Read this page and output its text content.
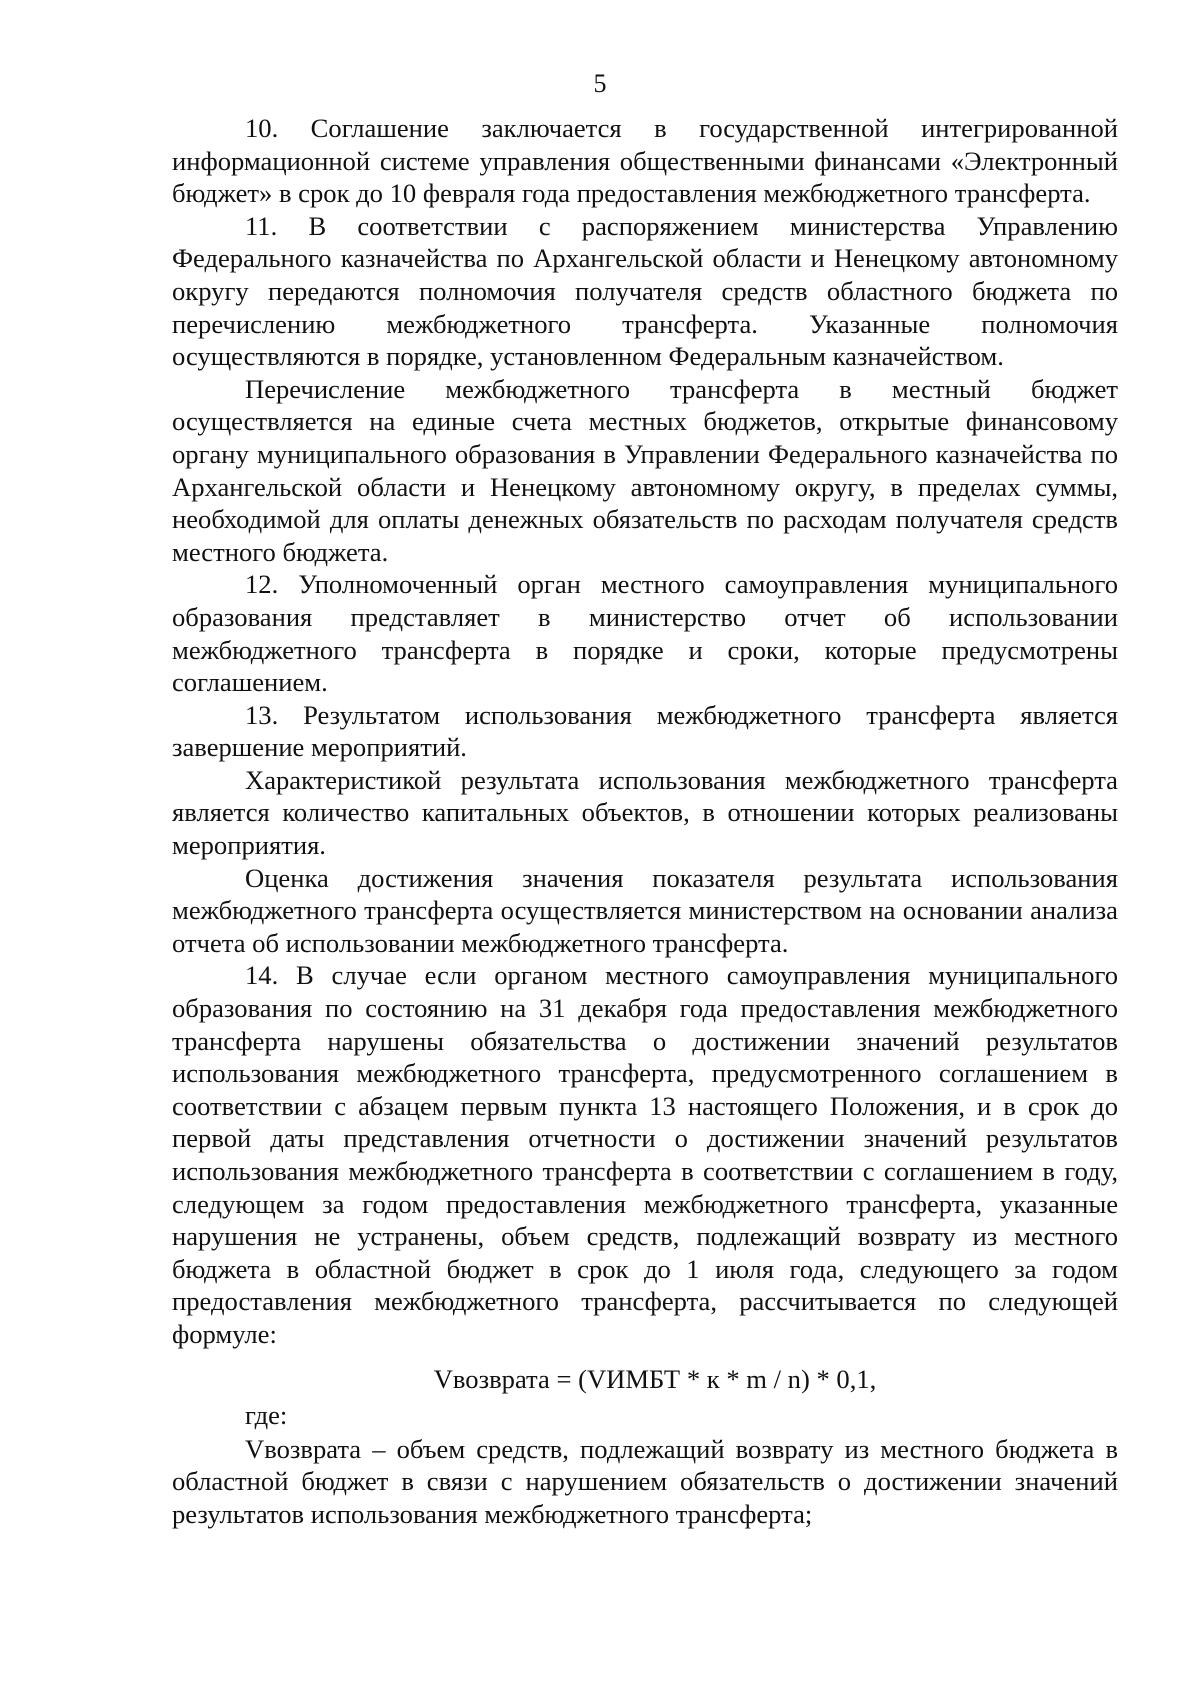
5

10. Соглашение заключается в государственной интегрированной информационной системе управления общественными финансами «Электронный бюджет» в срок до 10 февраля года предоставления межбюджетного трансферта.

11. В соответствии с распоряжением министерства Управлению Федерального казначейства по Архангельской области и Ненецкому автономному округу передаются полномочия получателя средств областного бюджета по перечислению межбюджетного трансферта. Указанные полномочия осуществляются в порядке, установленном Федеральным казначейством.

Перечисление межбюджетного трансферта в местный бюджет осуществляется на единые счета местных бюджетов, открытые финансовому органу муниципального образования в Управлении Федерального казначейства по Архангельской области и Ненецкому автономному округу, в пределах суммы, необходимой для оплаты денежных обязательств по расходам получателя средств местного бюджета.

12. Уполномоченный орган местного самоуправления муниципального образования представляет в министерство отчет об использовании межбюджетного трансферта в порядке и сроки, которые предусмотрены соглашением.

13. Результатом использования межбюджетного трансферта является завершение мероприятий.

Характеристикой результата использования межбюджетного трансферта является количество капитальных объектов, в отношении которых реализованы мероприятия.

Оценка достижения значения показателя результата использования межбюджетного трансферта осуществляется министерством на основании анализа отчета об использовании межбюджетного трансферта.

14. В случае если органом местного самоуправления муниципального образования по состоянию на 31 декабря года предоставления межбюджетного трансферта нарушены обязательства о достижении значений результатов использования межбюджетного трансферта, предусмотренного соглашением в соответствии с абзацем первым пункта 13 настоящего Положения, и в срок до первой даты представления отчетности о достижении значений результатов использования межбюджетного трансферта в соответствии с соглашением в году, следующем за годом предоставления межбюджетного трансферта, указанные нарушения не устранены, объем средств, подлежащий возврату из местного бюджета в областной бюджет в срок до 1 июля года, следующего за годом предоставления межбюджетного трансферта, рассчитывается по следующей формуле:

Vвозврата = (VИМБТ * к * m / n) * 0,1,

где:

Vвозврата – объем средств, подлежащий возврату из местного бюджета в областной бюджет в связи с нарушением обязательств о достижении значений результатов использования межбюджетного трансферта;
